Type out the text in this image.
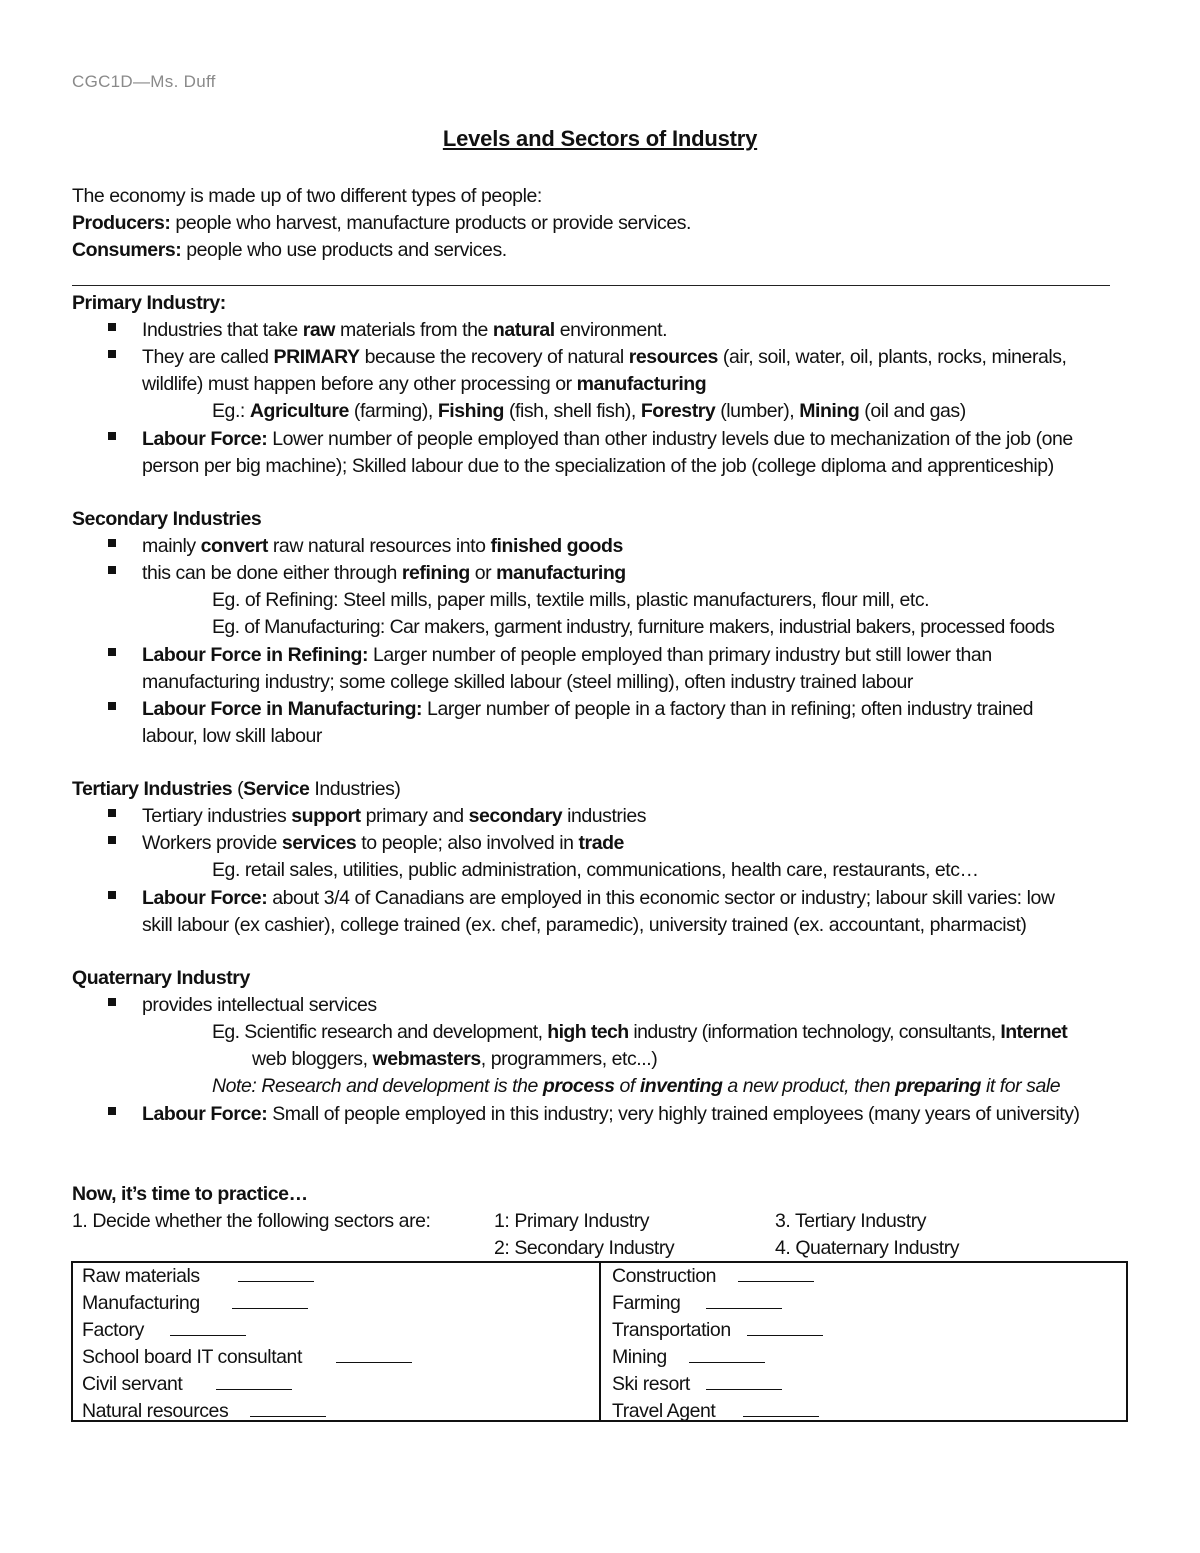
CGC1D—Ms. Duff
Levels and Sectors of Industry
The economy is made up of two different types of people:
Producers: people who harvest, manufacture products or provide services.
Consumers: people who use products and services.
Primary Industry:
Industries that take raw materials from the natural environment.
They are called PRIMARY because the recovery of natural resources (air, soil, water, oil, plants, rocks, minerals,
wildlife) must happen before any other processing or manufacturing
Eg.: Agriculture (farming), Fishing (fish, shell fish), Forestry (lumber), Mining (oil and gas)
Labour Force: Lower number of people employed than other industry levels due to mechanization of the job (one
person per big machine); Skilled labour due to the specialization of the job (college diploma and apprenticeship)
Secondary Industries
mainly convert raw natural resources into finished goods
this can be done either through refining or manufacturing
Eg. of Refining: Steel mills, paper mills, textile mills, plastic manufacturers, flour mill, etc.
Eg. of Manufacturing: Car makers, garment industry, furniture makers, industrial bakers, processed foods
Labour Force in Refining: Larger number of people employed than primary industry but still lower than
manufacturing industry; some college skilled labour (steel milling), often industry trained labour
Labour Force in Manufacturing: Larger number of people in a factory than in refining; often industry trained
labour, low skill labour
Tertiary Industries (Service Industries)
Tertiary industries support primary and secondary industries
Workers provide services to people; also involved in trade
Eg. retail sales, utilities, public administration, communications, health care, restaurants, etc…
Labour Force: about 3/4 of Canadians are employed in this economic sector or industry; labour skill varies: low
skill labour (ex cashier), college trained (ex. chef, paramedic), university trained (ex. accountant, pharmacist)
Quaternary Industry
provides intellectual services
Eg. Scientific research and development, high tech industry (information technology, consultants, Internet
web bloggers, webmasters, programmers, etc...)
Note: Research and development is the process of inventing a new product, then preparing it for sale
Labour Force: Small of people employed in this industry; very highly trained employees (many years of university)
Now, it’s time to practice…
1. Decide whether the following sectors are:	1: Primary Industry
2: Secondary Industry
3. Tertiary Industry
4. Quaternary Industry
Raw materials
Manufacturing
Factory
School board IT consultant
Civil servant
Natural resources
Construction
Farming
Transportation
Mining
Ski resort
Travel Agent
